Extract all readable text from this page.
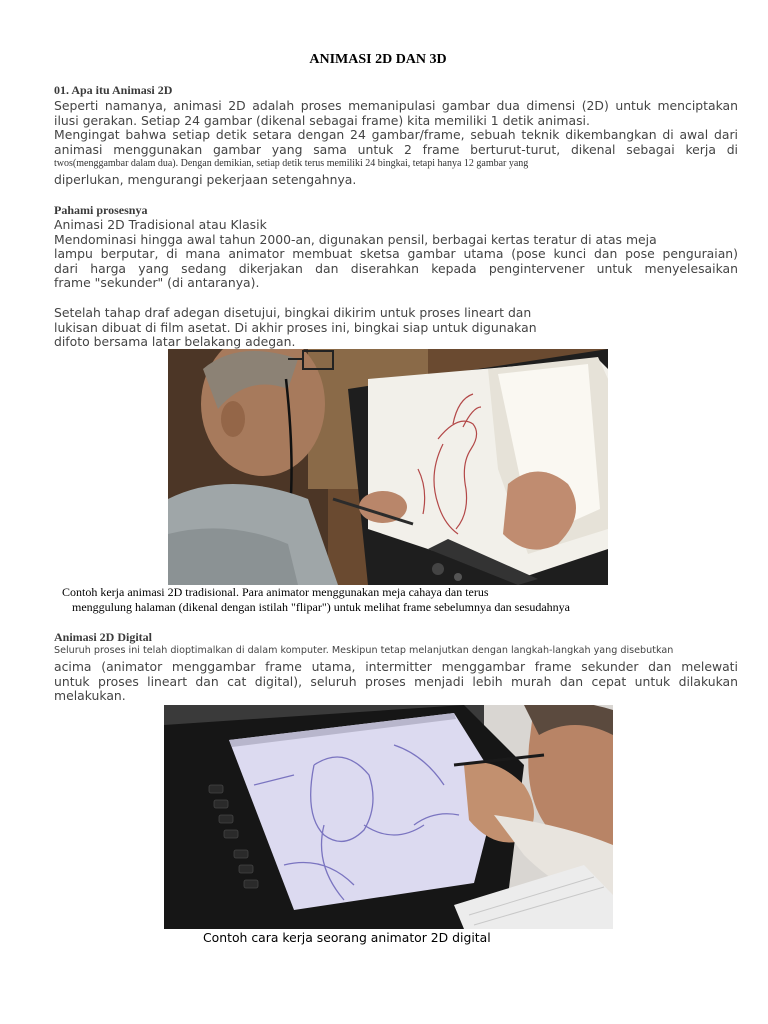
ANIMASI 2D DAN 3D
01. Apa itu Animasi 2D
Seperti namanya, animasi 2D adalah proses memanipulasi gambar dua dimensi (2D) untuk menciptakan
ilusi gerakan. Setiap 24 gambar (dikenal sebagai frame) kita memiliki 1 detik animasi.
Mengingat bahwa setiap detik setara dengan 24 gambar/frame, sebuah teknik dikembangkan di awal dari
animasi menggunakan gambar yang sama untuk 2 frame berturut-turut, dikenal sebagai kerja di
twos(menggambar dalam dua). Dengan demikian, setiap detik terus memiliki 24 bingkai, tetapi hanya 12 gambar yang
diperlukan, mengurangi pekerjaan setengahnya.
Pahami prosesnya
Animasi 2D Tradisional atau Klasik
Mendominasi hingga awal tahun 2000-an, digunakan pensil, berbagai kertas teratur di atas meja
lampu berputar, di mana animator membuat sketsa gambar utama (pose kunci dan pose penguraian)
dari harga yang sedang dikerjakan dan diserahkan kepada pengintervener untuk menyelesaikan
frame "sekunder" (di antaranya).
Setelah tahap draf adegan disetujui, bingkai dikirim untuk proses lineart dan
lukisan dibuat di film asetat. Di akhir proses ini, bingkai siap untuk digunakan
difoto bersama latar belakang adegan.
Contoh kerja animasi 2D tradisional. Para animator menggunakan meja cahaya dan terus
menggulung halaman (dikenal dengan istilah "flipar") untuk melihat frame sebelumnya dan sesudahnya
Animasi 2D Digital
Seluruh proses ini telah dioptimalkan di dalam komputer. Meskipun tetap melanjutkan dengan langkah-langkah yang disebutkan
acima (animator menggambar frame utama, intermitter menggambar frame sekunder dan melewati
untuk proses lineart dan cat digital), seluruh proses menjadi lebih murah dan cepat untuk dilakukan
melakukan.
Contoh cara kerja seorang animator 2D digital
